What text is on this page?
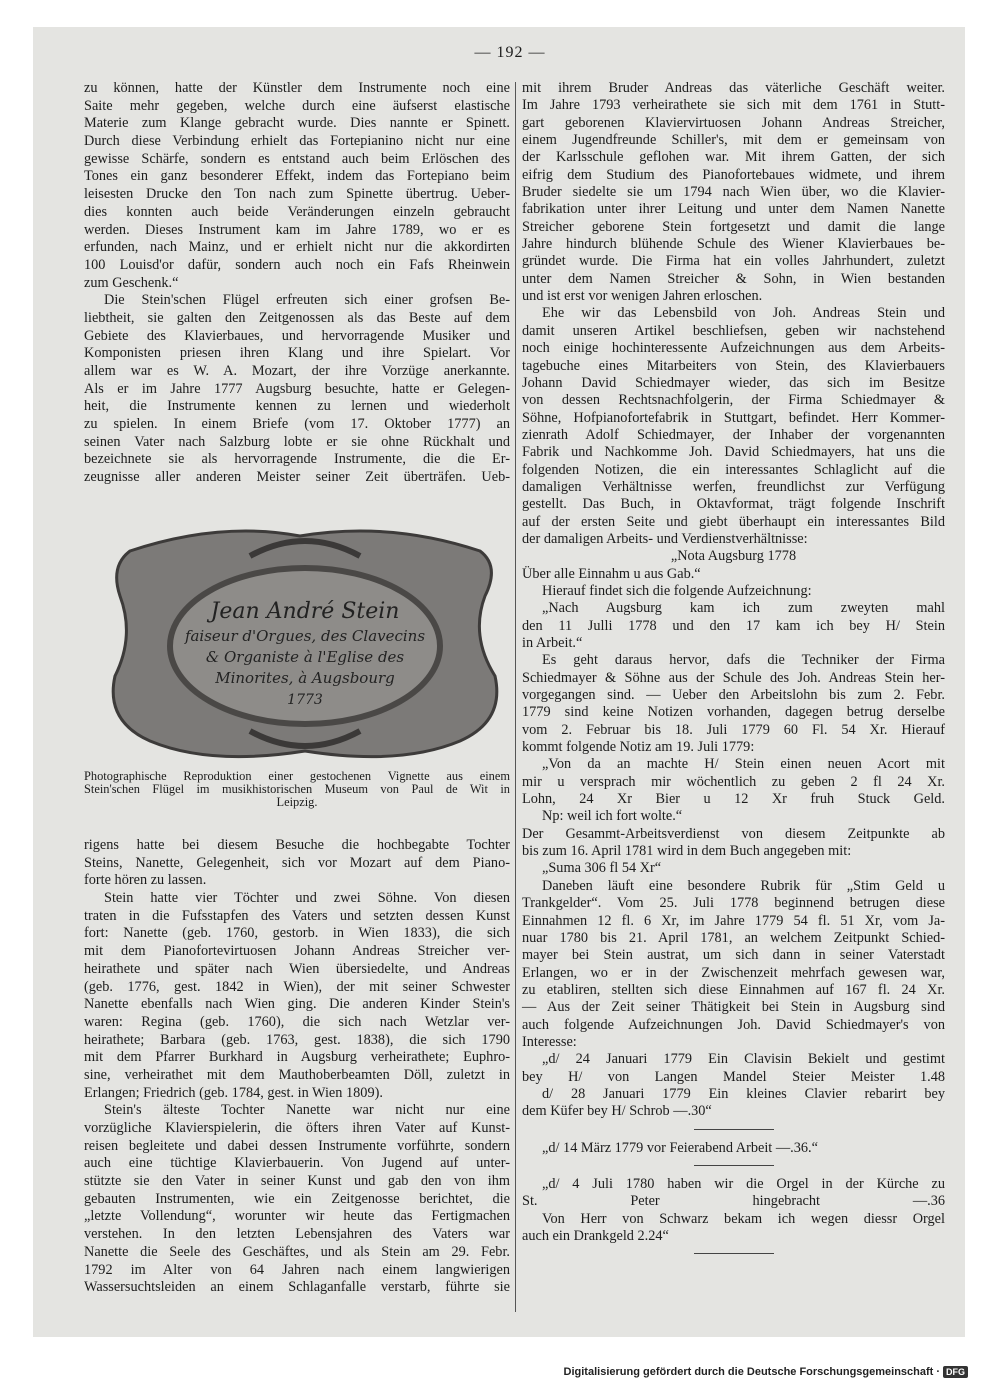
— 192 —
zu können, hatte der Künstler dem Instrumente noch eine
Saite mehr gegeben, welche durch eine äufserst elastische
Materie zum Klange gebracht wurde. Dies nannte er Spinett.
Durch diese Verbindung erhielt das Fortepianino nicht nur eine
gewisse Schärfe, sondern es entstand auch beim Erlöschen des
Tones ein ganz besonderer Effekt, indem das Fortepiano beim
leisesten Drucke den Ton nach zum Spinette übertrug. Ueber-
dies konnten auch beide Veränderungen einzeln gebraucht
werden. Dieses Instrument kam im Jahre 1789, wo er es
erfunden, nach Mainz, und er erhielt nicht nur die akkordirten
100 Louisd'or dafür, sondern auch noch ein Fafs Rheinwein
zum Geschenk.“
Die Stein'schen Flügel erfreuten sich einer grofsen Be-
liebtheit, sie galten den Zeitgenossen als das Beste auf dem
Gebiete des Klavierbaues, und hervorragende Musiker und
Komponisten priesen ihren Klang und ihre Spielart. Vor
allem war es W. A. Mozart, der ihre Vorzüge anerkannte.
Als er im Jahre 1777 Augsburg besuchte, hatte er Gelegen-
heit, die Instrumente kennen zu lernen und wiederholt
zu spielen. In einem Briefe (vom 17. Oktober 1777) an
seinen Vater nach Salzburg lobte er sie ohne Rückhalt und
bezeichnete sie als hervorragende Instrumente, die die Er-
zeugnisse aller anderen Meister seiner Zeit überträfen. Ueb-
Jean André Stein
faiseur d'Orgues, des Clavecins
& Organiste à l'Eglise des
Minorites, à Augsbourg
1773
Photographische Reproduktion einer gestochenen Vignette aus einem
Stein'schen Flügel im musikhistorischen Museum von Paul de Wit in
Leipzig.
rigens hatte bei diesem Besuche die hochbegabte Tochter
Steins, Nanette, Gelegenheit, sich vor Mozart auf dem Piano-
forte hören zu lassen.
Stein hatte vier Töchter und zwei Söhne. Von diesen
traten in die Fufsstapfen des Vaters und setzten dessen Kunst
fort: Nanette (geb. 1760, gestorb. in Wien 1833), die sich
mit dem Pianofortevirtuosen Johann Andreas Streicher ver-
heirathete und später nach Wien übersiedelte, und Andreas
(geb. 1776, gest. 1842 in Wien), der mit seiner Schwester
Nanette ebenfalls nach Wien ging. Die anderen Kinder Stein's
waren: Regina (geb. 1760), die sich nach Wetzlar ver-
heirathete; Barbara (geb. 1763, gest. 1838), die sich 1790
mit dem Pfarrer Burkhard in Augsburg verheirathete; Euphro-
sine, verheirathet mit dem Mauthoberbeamten Döll, zuletzt in
Erlangen; Friedrich (geb. 1784, gest. in Wien 1809).
Stein's älteste Tochter Nanette war nicht nur eine
vorzügliche Klavierspielerin, die öfters ihren Vater auf Kunst-
reisen begleitete und dabei dessen Instrumente vorführte, sondern
auch eine tüchtige Klavierbauerin. Von Jugend auf unter-
stützte sie den Vater in seiner Kunst und gab den von ihm
gebauten Instrumenten, wie ein Zeitgenosse berichtet, die
„letzte Vollendung“, worunter wir heute das Fertigmachen
verstehen. In den letzten Lebensjahren des Vaters war
Nanette die Seele des Geschäftes, und als Stein am 29. Febr.
1792 im Alter von 64 Jahren nach einem langwierigen
Wassersuchtsleiden an einem Schlaganfalle verstarb, führte sie
mit ihrem Bruder Andreas das väterliche Geschäft weiter.
Im Jahre 1793 verheirathete sie sich mit dem 1761 in Stutt-
gart geborenen Klaviervirtuosen Johann Andreas Streicher,
einem Jugendfreunde Schiller's, mit dem er gemeinsam von
der Karlsschule geflohen war. Mit ihrem Gatten, der sich
eifrig dem Studium des Pianofortebaues widmete, und ihrem
Bruder siedelte sie um 1794 nach Wien über, wo die Klavier-
fabrikation unter ihrer Leitung und unter dem Namen Nanette
Streicher geborene Stein fortgesetzt und damit die lange
Jahre hindurch blühende Schule des Wiener Klavierbaues be-
gründet wurde. Die Firma hat ein volles Jahrhundert, zuletzt
unter dem Namen Streicher & Sohn, in Wien bestanden
und ist erst vor wenigen Jahren erloschen.
Ehe wir das Lebensbild von Joh. Andreas Stein und
damit unseren Artikel beschliefsen, geben wir nachstehend
noch einige hochinteressente Aufzeichnungen aus dem Arbeits-
tagebuche eines Mitarbeiters von Stein, des Klavierbauers
Johann David Schiedmayer wieder, das sich im Besitze
von dessen Rechtsnachfolgerin, der Firma Schiedmayer &
Söhne, Hofpianofortefabrik in Stuttgart, befindet. Herr Kommer-
zienrath Adolf Schiedmayer, der Inhaber der vorgenannten
Fabrik und Nachkomme Joh. David Schiedmayers, hat uns die
folgenden Notizen, die ein interessantes Schlaglicht auf die
damaligen Verhältnisse werfen, freundlichst zur Verfügung
gestellt. Das Buch, in Oktavformat, trägt folgende Inschrift
auf der ersten Seite und giebt überhaupt ein interessantes Bild
der damaligen Arbeits- und Verdienstverhältnisse:
„Nota Augsburg 1778
Über alle Einnahm u aus Gab.“
Hierauf findet sich die folgende Aufzeichnung:
„Nach Augsburg kam ich zum zweyten mahl
den 11 Julli 1778 und den 17 kam ich bey H/ Stein
in Arbeit.“
Es geht daraus hervor, dafs die Techniker der Firma
Schiedmayer & Söhne aus der Schule des Joh. Andreas Stein her-
vorgegangen sind. — Ueber den Arbeitslohn bis zum 2. Febr.
1779 sind keine Notizen vorhanden, dagegen betrug derselbe
vom 2. Februar bis 18. Juli 1779 60 Fl. 54 Xr. Hierauf
kommt folgende Notiz am 19. Juli 1779:
„Von da an machte H/ Stein einen neuen Acort mit
mir u versprach mir wöchentlich zu geben 2 fl 24 Xr.
Lohn, 24 Xr Bier u 12 Xr fruh Stuck Geld.
Np: weil ich fort wolte.“
Der Gesammt-Arbeitsverdienst von diesem Zeitpunkte ab
bis zum 16. April 1781 wird in dem Buch angegeben mit:
„Suma 306 fl 54 Xr“
Daneben läuft eine besondere Rubrik für „Stim Geld u
Trankgelder“. Vom 25. Juli 1778 beginnend betrugen diese
Einnahmen 12 fl. 6 Xr, im Jahre 1779 54 fl. 51 Xr, vom Ja-
nuar 1780 bis 21. April 1781, an welchem Zeitpunkt Schied-
mayer bei Stein austrat, um sich dann in seiner Vaterstadt
Erlangen, wo er in der Zwischenzeit mehrfach gewesen war,
zu etabliren, stellten sich diese Einnahmen auf 167 fl. 24 Xr.
— Aus der Zeit seiner Thätigkeit bei Stein in Augsburg sind
auch folgende Aufzeichnungen Joh. David Schiedmayer's von
Interesse:
„d/ 24 Januari 1779 Ein Clavisin Bekielt und gestimt
bey H/ von Langen Mandel Steier Meister 1.48
d/ 28 Januari 1779 Ein kleines Clavier rebarirt bey
dem Küfer bey H/ Schrob —.30“
„d/ 14 März 1779 vor Feierabend Arbeit —.36.“
„d/ 4 Juli 1780 haben wir die Orgel in der Kürche zu
St. Peter hingebracht —.36
Von Herr von Schwarz bekam ich wegen diessr Orgel
auch ein Drankgeld 2.24“
Digitalisierung gefördert durch die Deutsche Forschungsgemeinschaft · DFG
